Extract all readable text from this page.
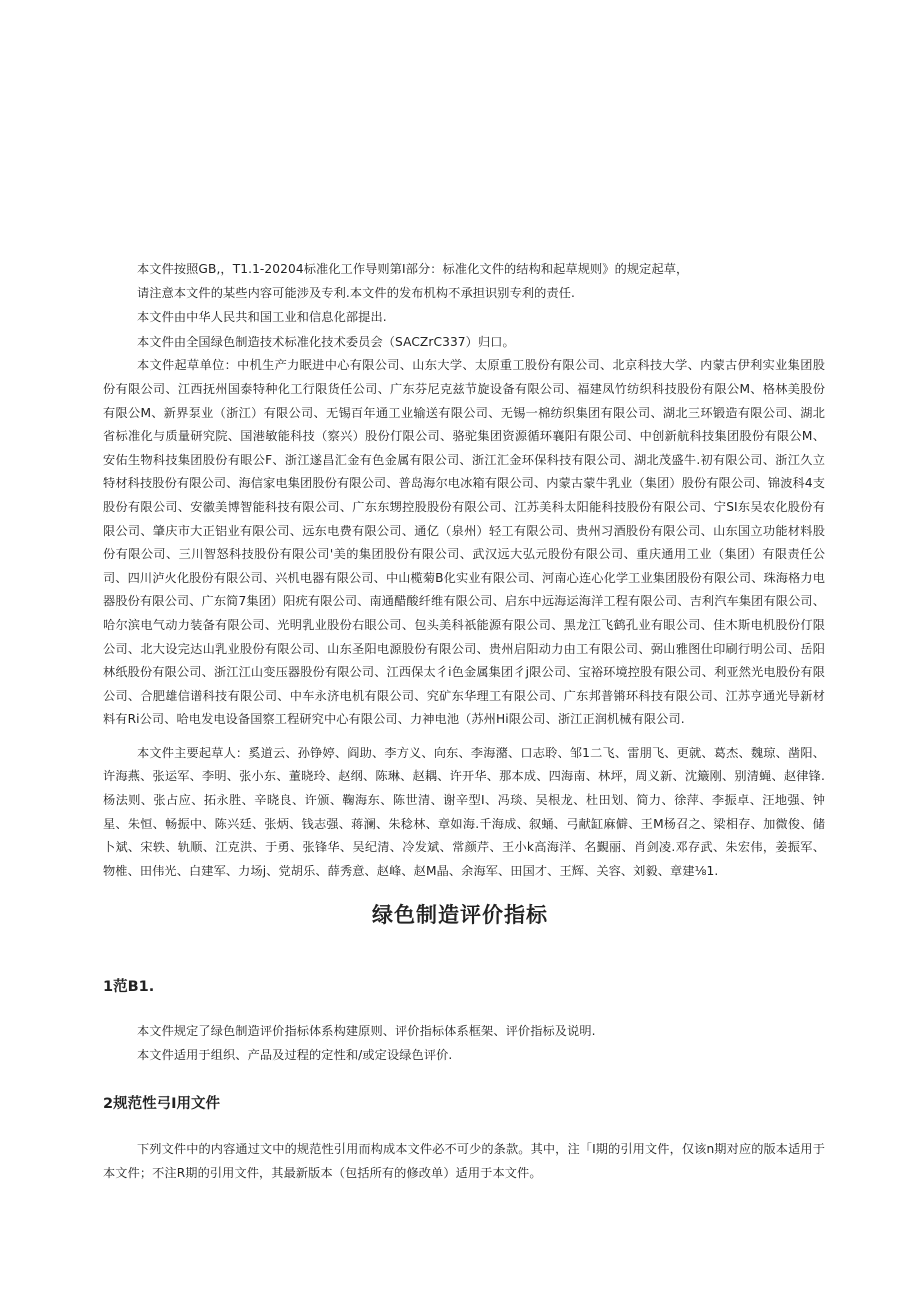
本文件按照GB,，T1.1-20204标准化工作导则第I部分：标准化文件的结构和起草规则》的规定起草，

请注意本文件的某些内容可能涉及专利.本文件的发布机构不承担识别专利的责任.

本文件由中华人民共和国工业和信息化部提出.

本文件由全国绿色制造技术标准化技术委员会（SACZrC337）归口。

本文件起草单位：中机生产力眠进中心有限公司、山东大学、太原重工股份有限公司、北京科技大学、内蒙古伊利实业集团股份有限公司、江西抚州国泰特种化工行限货任公司、广东芬尼克兹节旋设备有限公司、福建凤竹纺织科技股份有限公M、格林美股份有限公M、新界泵业（浙江）有限公司、无锡百年通工业输送有限公司、无锡一棉纺织集团有限公司、湖北三环锻造有限公司、湖北省标准化与质量研究院、国港敏能科技（察兴）股份仃限公司、骆驼集团资源循环襄阳有限公司、中创新航科技集团股份有限公M、安佑生物科技集团股份有眼公F、浙江遂昌汇金有色金属有限公司、浙江汇金环保科技有限公司、湖北茂盛牛.初有限公司、浙江久立特材科技股份有限公司、海信家电集团股份有限公司、普岛海尔电冰箱有限公司、内蒙古蒙牛乳业（集团）股份有限公司、锦波科4支股份有限公司、安徽美博智能科技有限公司、广东东甥控股股份有限公司、江苏美科太阳能科技股份有限公司、宁SI东吴农化股份有限公司、肇庆市大正铝业有限公司、远东电费有限公司、通亿（泉州）轻工有限公司、贵州习酒股份有限公司、山东国立功能材料股份有限公司、三川智怒科技股份有限公司'美的集团股份有限公司、武汉远大弘元股份有限公司、重庆通用工业（集团）有限责任公司、四川泸火化股份有限公司、兴机电器有限公司、中山榄菊B化实业有限公司、河南心连心化学工业集团股份有限公司、珠海格力电器股份有限公司、广东简7集团）阳疣有限公司、南通醋酸纤维有限公司、启东中远海运海洋工程有限公司、吉利汽车集团有限公司、哈尔滨电气动力装备有限公司、光明乳业股份右眼公司、包头美科祇能源有限公司、黑龙江飞鹤孔业有眼公司、佳木斯电机股份仃限公司、北大设完达山乳业股份有限公司、山东圣阳电源股份有限公司、贵州启阳动力由工有限公司、弼山雅图仕印刷行明公司、岳阳林纸股份有限公司、浙江江山变压器股份有限公司、江西保太彳i色金属集团彳j限公司、宝裕环境控股有限公司、利亚然光电股份有限公司、合肥雄信谱科技有限公司、中车永济电机有限公司、究矿东华理工有限公司、广东邦普锵环科技有限公司、江苏亨通光导新材料有Ri公司、哈电发电设备国察工程研究中心有限公司、力神电池（苏州Hi限公司、浙江正润机械有限公司.

本文件主要起草人：奚道云、孙铮婷、阎助、李方义、向东、李海潴、口志聆、邹1二飞、雷朋飞、更就、葛杰、魏琼、凿阳、许海燕、张运军、李明、张小东、董晓玲、赵纲、陈琳、赵耦、许开华、那本成、四海南、林坪，周义新、沈簸刚、别清蝇、赵律锋.杨法则、张占应、拓永胜、辛晓良、许颁、鞠海东、陈世清、谢辛型I、冯琰、吴根龙、杜田划、简力、徐萍、李振卓、汪地强、钟星、朱恒、畅振中、陈兴廷、张炳、钱志强、蒋澜、朱稔林、章如海.千海成、叙蛹、弓献缸麻僻、王M杨召之、梁相存、加微俊、储卜斌、宋轶、轨顺、江克洪、于勇、张锋华、吴纪清、冷发斌、常颜芹、王小k高海洋、名覲丽、肖剑凌.邓存武、朱宏伟，姜振军、物椎、田伟光、白建军、力场j、党胡乐、薛秀意、赵峰、赵M晶、余海军、田国才、王辉、关容、刘毅、章建⅛1.

绿色制造评价指标
1范B1.

本文件规定了绿色制造评价指标体系构建原则、评价指标体系框架、评价指标及说明.

本文件适用于组织、产品及过程的定性和/或定设绿色评价.

2规范性弓I用文件

下列文件中的内容通过文中的规范性引用而构成本文件必不可少的条款。其中，注「I期的引用文件，仅该n期对应的版本适用于本文件；不注R期的引用文件，其最新版本（包括所有的修改单）适用于本文件。
